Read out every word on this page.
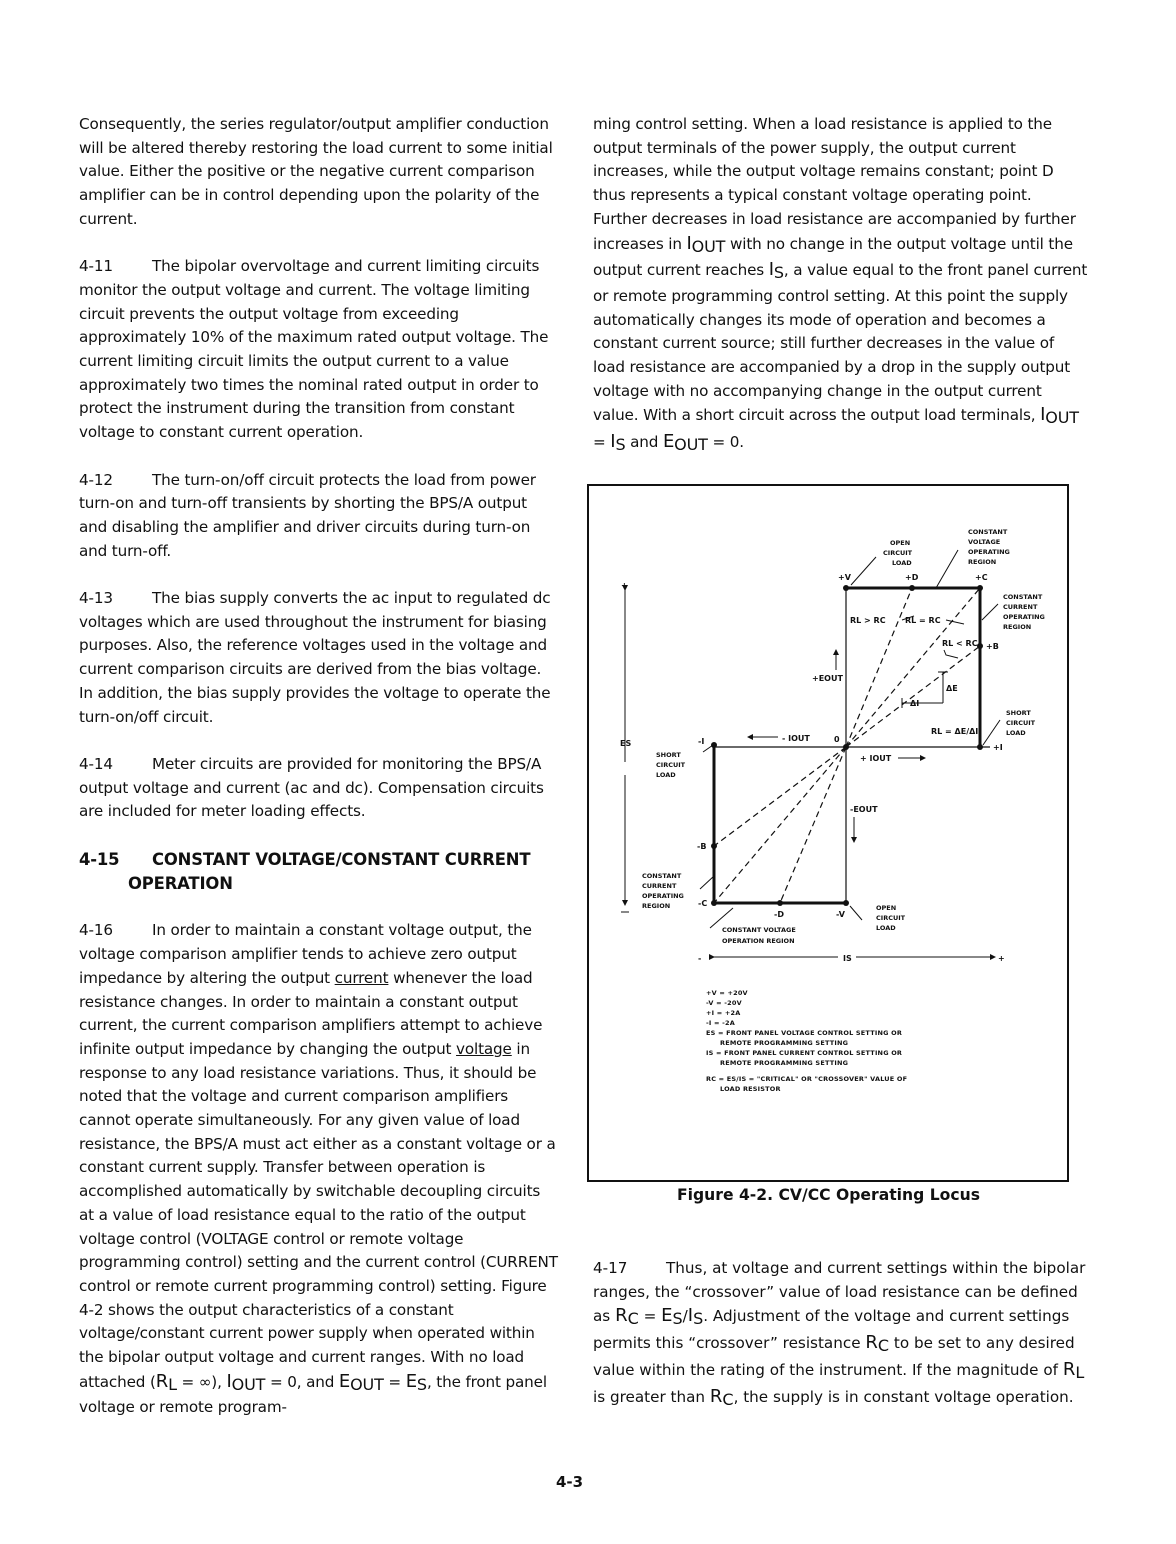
Consequently, the series regulator/output amplifier conduction will be altered thereby restoring the load current to some initial value. Either the positive or the negative current comparison amplifier can be in control depending upon the polarity of the current.

4-11	The bipolar overvoltage and current limiting circuits monitor the output voltage and current. The voltage limiting circuit prevents the output voltage from exceeding approximately 10% of the maximum rated output voltage. The current limiting circuit limits the output current to a value approximately two times the nominal rated output in order to protect the instrument during the transition from constant voltage to constant current operation.

4-12	The turn-on/off circuit protects the load from power turn-on and turn-off transients by shorting the BPS/A output and disabling the amplifier and driver circuits during turn-on and turn-off.

4-13	The bias supply converts the ac input to regulated dc voltages which are used throughout the instrument for biasing purposes. Also, the reference voltages used in the voltage and current comparison circuits are derived from the bias voltage. In addition, the bias supply provides the voltage to operate the turn-on/off circuit.

4-14	Meter circuits are provided for monitoring the BPS/A output voltage and current (ac and dc). Compensation circuits are included for meter loading effects.

4-15 CONSTANT VOLTAGE/CONSTANT CURRENT
OPERATION

4-16	In order to maintain a constant voltage output, the voltage comparison amplifier tends to achieve zero output impedance by altering the output current whenever the load resistance changes. In order to maintain a constant output current, the current comparison amplifiers attempt to achieve infinite output impedance by changing the output voltage in response to any load resistance variations. Thus, it should be noted that the voltage and current comparison amplifiers cannot operate simultaneously. For any given value of load resistance, the BPS/A must act either as a constant voltage or a constant current supply. Transfer between operation is accomplished automatically by switchable decoupling circuits at a value of load resistance equal to the ratio of the output voltage control (VOLTAGE control or remote voltage programming control) setting and the current control (CURRENT control or remote current programming control) setting. Figure 4-2 shows the output characteristics of a constant voltage/constant current power supply when operated within the bipolar output voltage and current ranges. With no load attached (RL = ∞), IOUT = 0, and EOUT = ES, the front panel voltage or remote program-

ming control setting. When a load resistance is applied to the output terminals of the power supply, the output current increases, while the output voltage remains constant; point D thus represents a typical constant voltage operating point. Further decreases in load resistance are accompanied by further increases in IOUT with no change in the output voltage until the output current reaches IS, a value equal to the front panel current or remote programming control setting. At this point the supply automatically changes its mode of operation and becomes a constant current source; still further decreases in the value of load resistance are accompanied by a drop in the supply output voltage with no accompanying change in the output current value. With a short circuit across the output load terminals, IOUT = IS and EOUT = 0.

OPEN
CIRCUIT
LOAD
CONSTANT
VOLTAGE
OPERATING
REGION
CONSTANT
CURRENT
OPERATING
REGION
SHORT
CIRCUIT
LOAD
SHORT
CIRCUIT
LOAD
CONSTANT
CURRENT
OPERATING
REGION	OPEN
CIRCUIT
LOAD
CONSTANT VOLTAGE
OPERATION REGION
+V	+D	+C
+B
+I
0
-I
-B
-C
-D	-V
RL > RC RL = RC
RL < RC
ΔE
ΔI
RL = ΔE/ΔI
+EOUT
-EOUT
+ IOUT
- IOUT
ES
IS
+
+
-
+V = +20V
-V = -20V
+I = +2A
-I = -2A
ES = FRONT PANEL VOLTAGE CONTROL SETTING OR
REMOTE PROGRAMMING SETTING
IS = FRONT PANEL CURRENT CONTROL SETTING OR
REMOTE PROGRAMMING SETTING
RC = ES/IS = "CRITICAL" OR "CROSSOVER" VALUE OF
LOAD RESISTOR
Figure 4-2. CV/CC Operating Locus
4-17	Thus, at voltage and current settings within the bipolar ranges, the “crossover” value of load resistance can be defined as RC = ES/IS. Adjustment of the voltage and current settings permits this “crossover” resistance RC to be set to any desired value within the rating of the instrument. If the magnitude of RL is greater than RC, the supply is in constant voltage operation.
4-3
